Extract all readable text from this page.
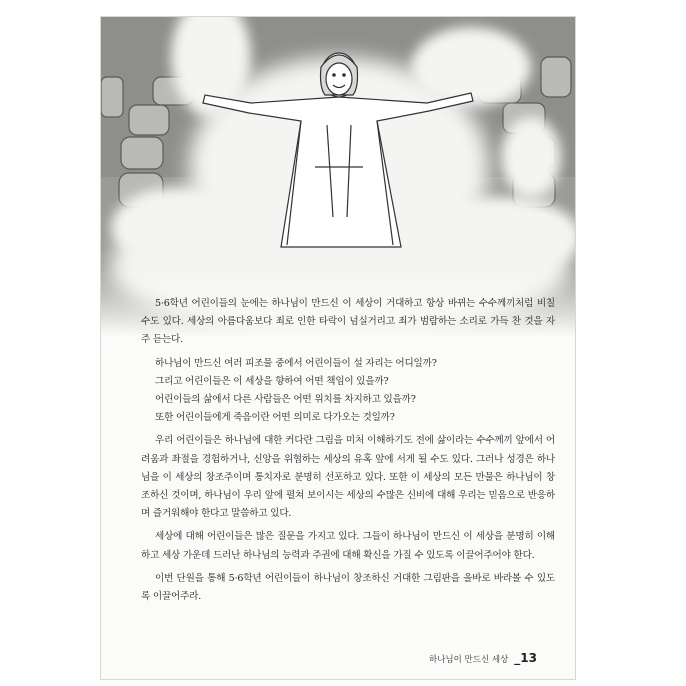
5·6학년 어린이들의 눈에는 하나님이 만드신 이 세상이 거대하고 항상 바뀌는 수수께끼처럼 비칠 수도 있다. 세상의 아름다움보다 죄로 인한 타락이 넘실거리고 죄가 범람하는 소리로 가득 찬 것을 자주 듣는다.

하나님이 만드신 여러 피조물 중에서 어린이들이 설 자리는 어디일까?

그리고 어린이들은 이 세상을 향하여 어떤 책임이 있을까?

어린이들의 삶에서 다른 사람들은 어떤 위치를 차지하고 있을까?

또한 어린이들에게 죽음이란 어떤 의미로 다가오는 것일까?

우리 어린이들은 하나님에 대한 커다란 그림을 미처 이해하기도 전에 삶이라는 수수께끼 앞에서 어려움과 좌절을 경험하거나, 신앙을 위협하는 세상의 유혹 앞에 서게 될 수도 있다. 그러나 성경은 하나님을 이 세상의 창조주이며 통치자로 분명히 선포하고 있다. 또한 이 세상의 모든 만물은 하나님이 창조하신 것이며, 하나님이 우리 앞에 펼쳐 보이시는 세상의 수많은 신비에 대해 우리는 믿음으로 반응하며 즐거워해야 한다고 말씀하고 있다.

세상에 대해 어린이들은 많은 질문을 가지고 있다. 그들이 하나님이 만드신 이 세상을 분명히 이해하고 세상 가운데 드러난 하나님의 능력과 주권에 대해 확신을 가질 수 있도록 이끌어주어야 한다.

이번 단원을 통해 5·6학년 어린이들이 하나님이 창조하신 거대한 그림판을 올바로 바라볼 수 있도록 이끌어주라.

하나님이 만드신 세상 _13
